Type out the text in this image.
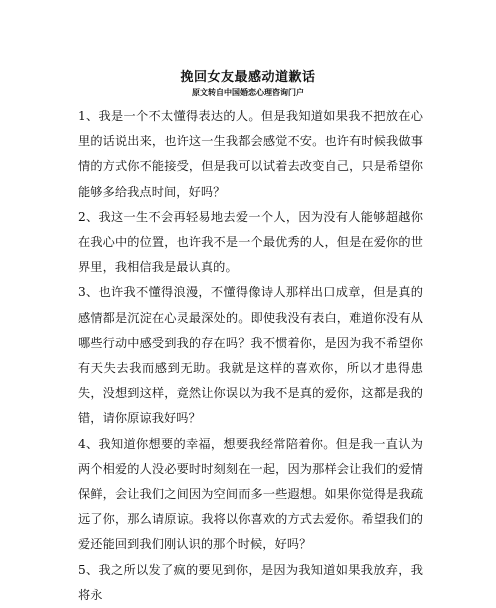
挽回女友最感动道歉话
原文转自中国婚恋心理咨询门户

1、我是一个不太懂得表达的人。但是我知道如果我不把放在心里的话说出来，也许这一生我都会感觉不安。也许有时候我做事情的方式你不能接受，但是我可以试着去改变自己，只是希望你能够多给我点时间，好吗？

2、我这一生不会再轻易地去爱一个人，因为没有人能够超越你在我心中的位置，也许我不是一个最优秀的人，但是在爱你的世界里，我相信我是最认真的。

3、也许我不懂得浪漫，不懂得像诗人那样出口成章，但是真的感情都是沉淀在心灵最深处的。即使我没有表白，难道你没有从哪些行动中感受到我的存在吗？我不惯着你，是因为我不希望你有天失去我而感到无助。我就是这样的喜欢你，所以才患得患失，没想到这样，竟然让你误以为我不是真的爱你，这都是我的错，请你原谅我好吗？

4、我知道你想要的幸福，想要我经常陪着你。但是我一直认为两个相爱的人没必要时时刻刻在一起，因为那样会让我们的爱情保鲜，会让我们之间因为空间而多一些遐想。如果你觉得是我疏远了你，那么请原谅。我将以你喜欢的方式去爱你。希望我们的爱还能回到我们刚认识的那个时候，好吗？

5、我之所以发了疯的要见到你，是因为我知道如果我放弃，我将永
